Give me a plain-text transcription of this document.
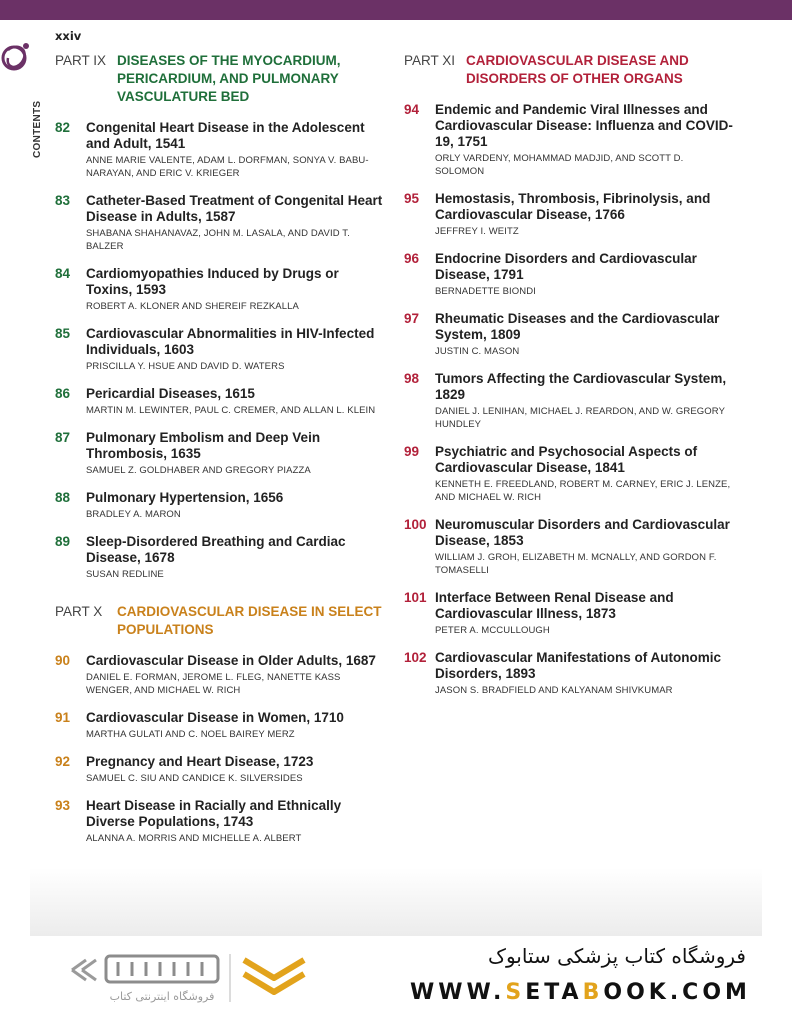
xxiv
CONTENTS
PART IX DISEASES OF THE MYOCARDIUM, PERICARDIUM, AND PULMONARY VASCULATURE BED
82	Congenital Heart Disease in the Adolescent and Adult, 1541
ANNE MARIE VALENTE, ADAM L. DORFMAN, SONYA V. BABU-NARAYAN, AND ERIC V. KRIEGER
83	Catheter-Based Treatment of Congenital Heart Disease in Adults, 1587
SHABANA SHAHANAVAZ, JOHN M. LASALA, AND DAVID T. BALZER
84	Cardiomyopathies Induced by Drugs or Toxins, 1593
ROBERT A. KLONER AND SHEREIF REZKALLA
85	Cardiovascular Abnormalities in HIV-Infected Individuals, 1603
PRISCILLA Y. HSUE AND DAVID D. WATERS
86	Pericardial Diseases, 1615
MARTIN M. LEWINTER, PAUL C. CREMER, AND ALLAN L. KLEIN
87	Pulmonary Embolism and Deep Vein Thrombosis, 1635
SAMUEL Z. GOLDHABER AND GREGORY PIAZZA
88	Pulmonary Hypertension, 1656
BRADLEY A. MARON
89	Sleep-Disordered Breathing and Cardiac Disease, 1678
SUSAN REDLINE
PART X	CARDIOVASCULAR DISEASE IN SELECT POPULATIONS
90	Cardiovascular Disease in Older Adults, 1687
DANIEL E. FORMAN, JEROME L. FLEG, NANETTE KASS WENGER, AND MICHAEL W. RICH
91	Cardiovascular Disease in Women, 1710
MARTHA GULATI AND C. NOEL BAIREY MERZ
92	Pregnancy and Heart Disease, 1723
SAMUEL C. SIU AND CANDICE K. SILVERSIDES
93	Heart Disease in Racially and Ethnically Diverse Populations, 1743
ALANNA A. MORRIS AND MICHELLE A. ALBERT
PART XI CARDIOVASCULAR DISEASE AND DISORDERS OF OTHER ORGANS
94	Endemic and Pandemic Viral Illnesses and Cardiovascular Disease: Influenza and COVID-19, 1751
ORLY VARDENY, MOHAMMAD MADJID, AND SCOTT D. SOLOMON
95	Hemostasis, Thrombosis, Fibrinolysis, and Cardiovascular Disease, 1766
JEFFREY I. WEITZ
96	Endocrine Disorders and Cardiovascular Disease, 1791
BERNADETTE BIONDI
97	Rheumatic Diseases and the Cardiovascular System, 1809
JUSTIN C. MASON
98	Tumors Affecting the Cardiovascular System, 1829
DANIEL J. LENIHAN, MICHAEL J. REARDON, AND W. GREGORY HUNDLEY
99	Psychiatric and Psychosocial Aspects of Cardiovascular Disease, 1841
KENNETH E. FREEDLAND, ROBERT M. CARNEY, ERIC J. LENZE, AND MICHAEL W. RICH
100 Neuromuscular Disorders and Cardiovascular Disease, 1853
WILLIAM J. GROH, ELIZABETH M. MCNALLY, AND GORDON F. TOMASELLI
101 Interface Between Renal Disease and Cardiovascular Illness, 1873
PETER A. MCCULLOUGH
102 Cardiovascular Manifestations of Autonomic Disorders, 1893
JASON S. BRADFIELD AND KALYANAM SHIVKUMAR
فروشگاه اینترنتی کتاب
فروشگاه کتاب پزشکی ستابوک
WWW.SETABOOK.COM
